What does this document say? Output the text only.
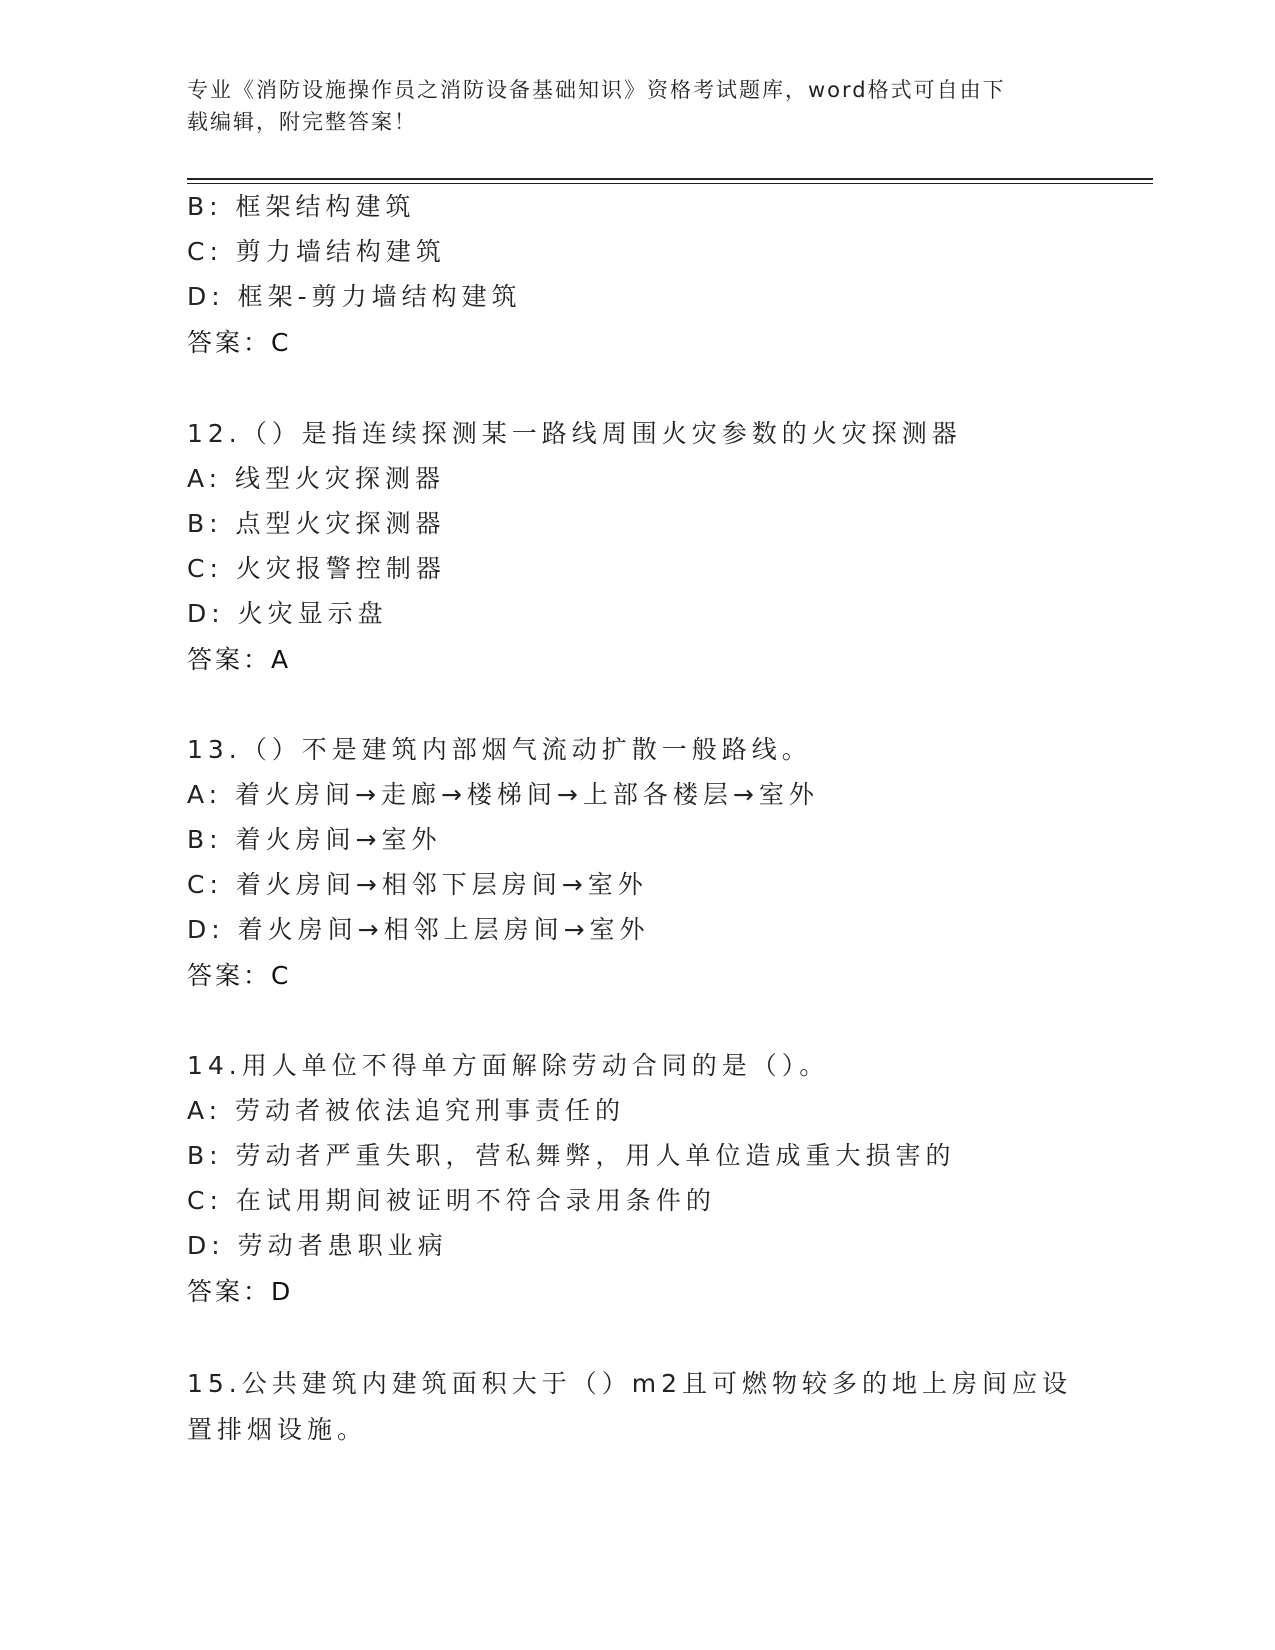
专业《消防设施操作员之消防设备基础知识》资格考试题库，word格式可自由下
载编辑，附完整答案！
B: 框架结构建筑
C: 剪力墙结构建筑
D: 框架-剪力墙结构建筑
答案：C
12.（）是指连续探测某一路线周围火灾参数的火灾探测器
A: 线型火灾探测器
B: 点型火灾探测器
C: 火灾报警控制器
D: 火灾显示盘
答案：A
13.（）不是建筑内部烟气流动扩散一般路线。
A: 着火房间→走廊→楼梯间→上部各楼层→室外
B: 着火房间→室外
C: 着火房间→相邻下层房间→室外
D: 着火房间→相邻上层房间→室外
答案：C
14.用人单位不得单方面解除劳动合同的是（）。
A: 劳动者被依法追究刑事责任的
B: 劳动者严重失职，营私舞弊，用人单位造成重大损害的
C: 在试用期间被证明不符合录用条件的
D: 劳动者患职业病
答案：D
15.公共建筑内建筑面积大于（）m2且可燃物较多的地上房间应设置排烟设施。
